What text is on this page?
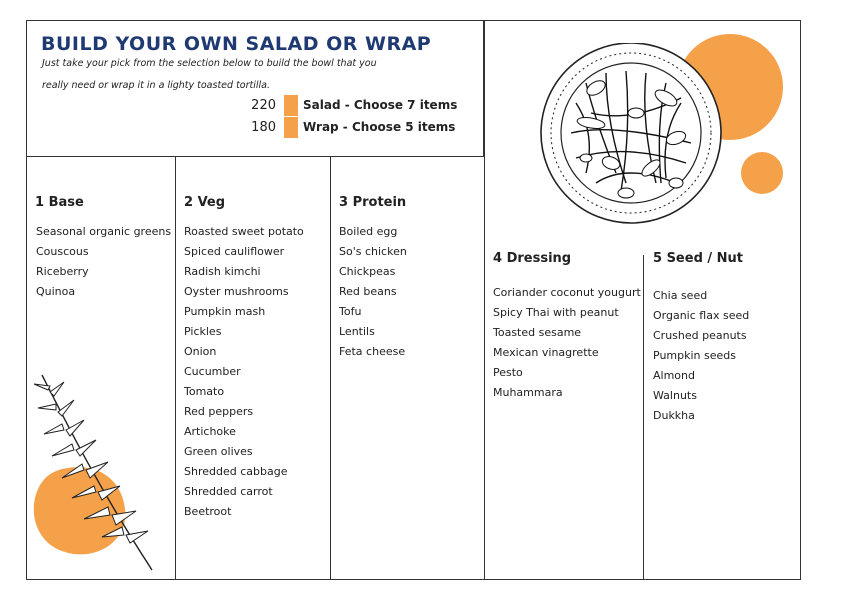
BUILD YOUR OWN SALAD OR WRAP
Just take your pick from the selection below to build the bowl that you
really need or wrap it in a lighty toasted tortilla.
220 Salad - Choose 7 items
180 Wrap - Choose 5 items
1 Base	2 Veg	3 Protein
4 Dressing	5 Seed / Nut
Seasonal organic greens
Couscous
Riceberry
Quinoa
Roasted sweet potato
Spiced cauliflower
Radish kimchi
Oyster mushrooms
Pumpkin mash
Pickles
Onion
Cucumber
Tomato
Red peppers
Artichoke
Green olives
Shredded cabbage
Shredded carrot
Beetroot
Boiled egg
So's chicken
Chickpeas
Red beans
Tofu
Lentils
Feta cheese
Coriander coconut yougurt
Spicy Thai with peanut
Toasted sesame
Mexican vinagrette
Pesto
Muhammara
Chia seed
Organic flax seed
Crushed peanuts
Pumpkin seeds
Almond
Walnuts
Dukkha
